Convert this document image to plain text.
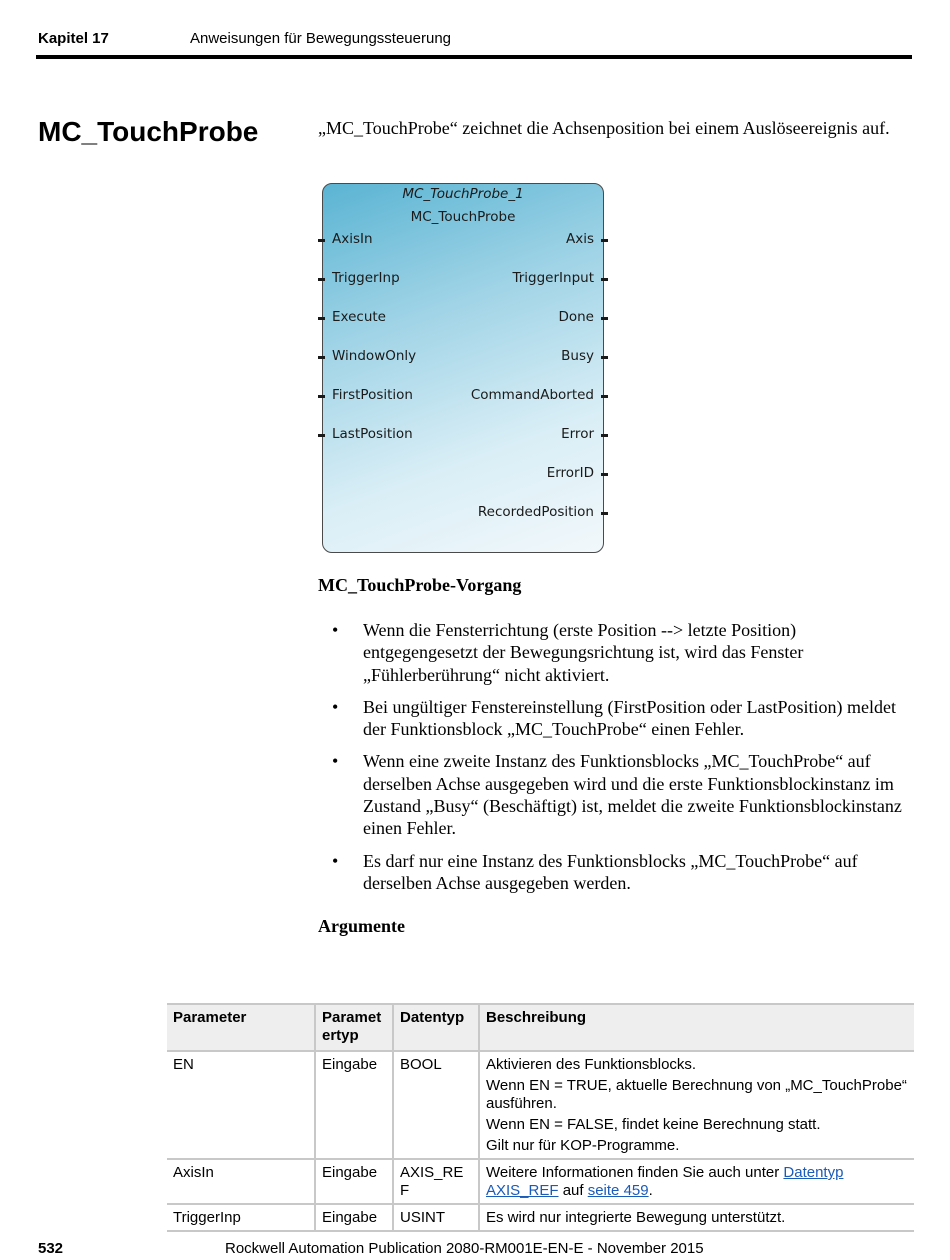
Kapitel 17	Anweisungen für Bewegungssteuerung
MC_TouchProbe	„MC_TouchProbe“ zeichnet die Achsenposition bei einem Auslöseereignis auf.
MC_TouchProbe_1
MC_TouchProbe
AxisIn
TriggerInp
Execute
WindowOnly
FirstPosition
LastPosition
Axis
TriggerInput
Done
Busy
CommandAborted
Error
ErrorID
RecordedPosition
MC_TouchProbe-Vorgang
• Wenn die Fensterrichtung (erste Position --> letzte Position) entgegengesetzt der Bewegungsrichtung ist, wird das Fenster „Fühlerberührung“ nicht aktiviert.
• Bei ungültiger Fenstereinstellung (FirstPosition oder LastPosition) meldet der Funktionsblock „MC_TouchProbe“ einen Fehler.
• Wenn eine zweite Instanz des Funktionsblocks „MC_TouchProbe“ auf derselben Achse ausgegeben wird und die erste Funktionsblockinstanz im Zustand „Busy“ (Beschäftigt) ist, meldet die zweite Funktionsblockinstanz einen Fehler.
• Es darf nur eine Instanz des Funktionsblocks „MC_TouchProbe“ auf derselben Achse ausgegeben werden.
Argumente
Parameter	Parametertyp	Datentyp	Beschreibung
EN	Eingabe	BOOL	Aktivieren des Funktionsblocks.
Wenn EN = TRUE, aktuelle Berechnung von „MC_TouchProbe“ ausführen.
Wenn EN = FALSE, findet keine Berechnung statt.
Gilt nur für KOP-Programme.

AxisIn	Eingabe	AXIS_REF	Weitere Informationen finden Sie auch unter Datentyp AXIS_REF auf seite 459.
TriggerInp	Eingabe	USINT	Es wird nur integrierte Bewegung unterstützt.
532	Rockwell Automation Publication 2080-RM001E-EN-E - November 2015
